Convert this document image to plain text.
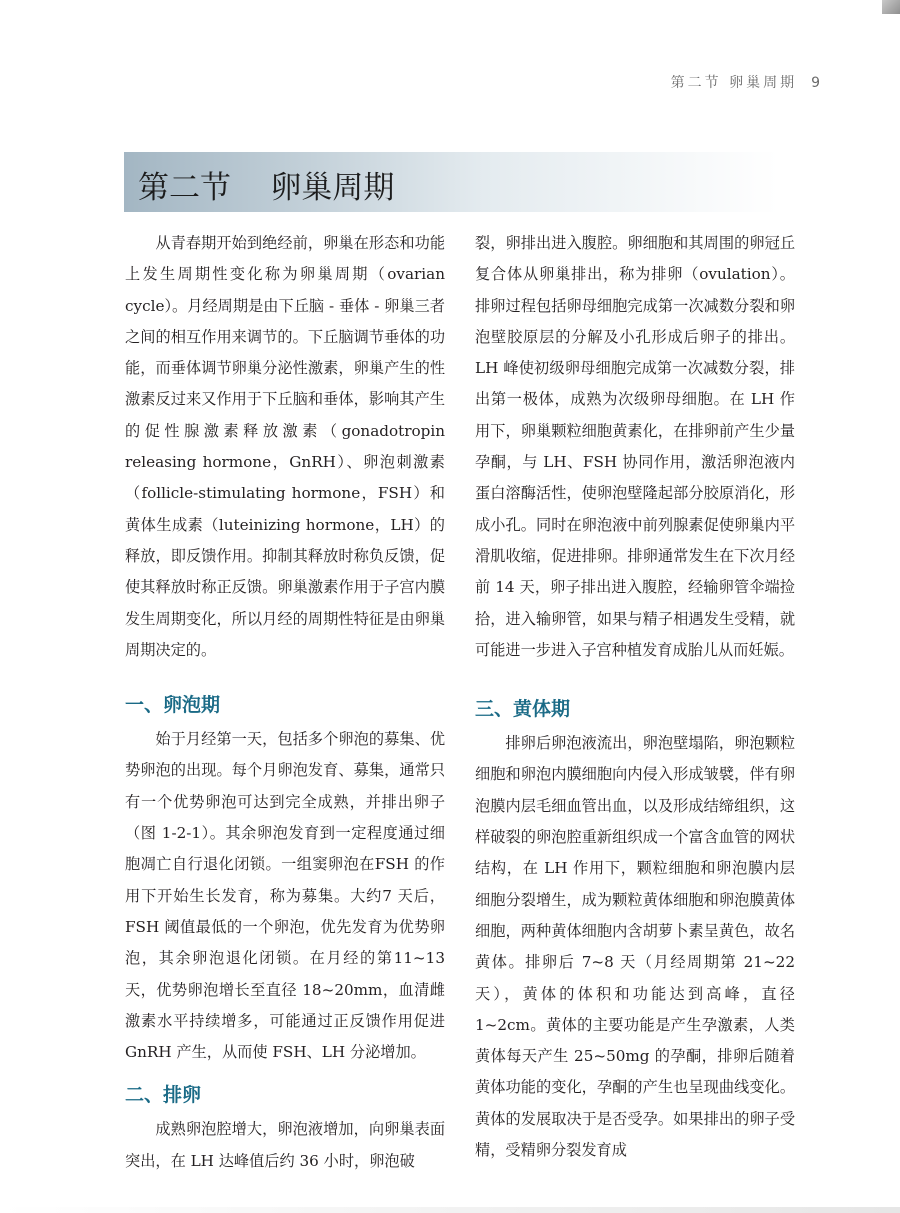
第二节 卵巢周期 9
第二节    卵巢周期

从青春期开始到绝经前，卵巢在形态和功能上发生周期性变化称为卵巢周期（ovarian cycle）。月经周期是由下丘脑 - 垂体 - 卵巢三者之间的相互作用来调节的。下丘脑调节垂体的功能，而垂体调节卵巢分泌性激素，卵巢产生的性激素反过来又作用于下丘脑和垂体，影响其产生的促性腺激素释放激素（gonadotropin releasing hormone，GnRH）、卵泡刺激素（follicle-stimulating hormone，FSH）和黄体生成素（luteinizing hormone，LH）的释放，即反馈作用。抑制其释放时称负反馈，促使其释放时称正反馈。卵巢激素作用于子宫内膜发生周期变化，所以月经的周期性特征是由卵巢周期决定的。

一、卵泡期

始于月经第一天，包括多个卵泡的募集、优势卵泡的出现。每个月卵泡发育、募集，通常只有一个优势卵泡可达到完全成熟，并排出卵子（图 1-2-1）。其余卵泡发育到一定程度通过细胞凋亡自行退化闭锁。一组窦卵泡在FSH 的作用下开始生长发育，称为募集。大约7 天后，FSH 阈值最低的一个卵泡，优先发育为优势卵泡，其余卵泡退化闭锁。在月经的第11~13 天，优势卵泡增长至直径 18~20mm，血清雌激素水平持续增多，可能通过正反馈作用促进 GnRH 产生，从而使 FSH、LH 分泌增加。

二、排卵

成熟卵泡腔增大，卵泡液增加，向卵巢表面突出，在 LH 达峰值后约 36 小时，卵泡破

裂，卵排出进入腹腔。卵细胞和其周围的卵冠丘复合体从卵巢排出，称为排卵（ovulation）。排卵过程包括卵母细胞完成第一次减数分裂和卵泡壁胶原层的分解及小孔形成后卵子的排出。LH 峰使初级卵母细胞完成第一次减数分裂，排出第一极体，成熟为次级卵母细胞。在 LH 作用下，卵巢颗粒细胞黄素化，在排卵前产生少量孕酮，与 LH、FSH 协同作用，激活卵泡液内蛋白溶酶活性，使卵泡壁隆起部分胶原消化，形成小孔。同时在卵泡液中前列腺素促使卵巢内平滑肌收缩，促进排卵。排卵通常发生在下次月经前 14 天，卵子排出进入腹腔，经输卵管伞端捡拾，进入输卵管，如果与精子相遇发生受精，就可能进一步进入子宫种植发育成胎儿从而妊娠。

三、黄体期

排卵后卵泡液流出，卵泡壁塌陷，卵泡颗粒细胞和卵泡内膜细胞向内侵入形成皱襞，伴有卵泡膜内层毛细血管出血，以及形成结缔组织，这样破裂的卵泡腔重新组织成一个富含血管的网状结构，在 LH 作用下，颗粒细胞和卵泡膜内层细胞分裂增生，成为颗粒黄体细胞和卵泡膜黄体细胞，两种黄体细胞内含胡萝卜素呈黄色，故名黄体。排卵后 7~8 天（月经周期第 21~22 天），黄体的体积和功能达到高峰，直径 1~2cm。黄体的主要功能是产生孕激素，人类黄体每天产生 25~50mg 的孕酮，排卵后随着黄体功能的变化，孕酮的产生也呈现曲线变化。黄体的发展取决于是否受孕。如果排出的卵子受精，受精卵分裂发育成
